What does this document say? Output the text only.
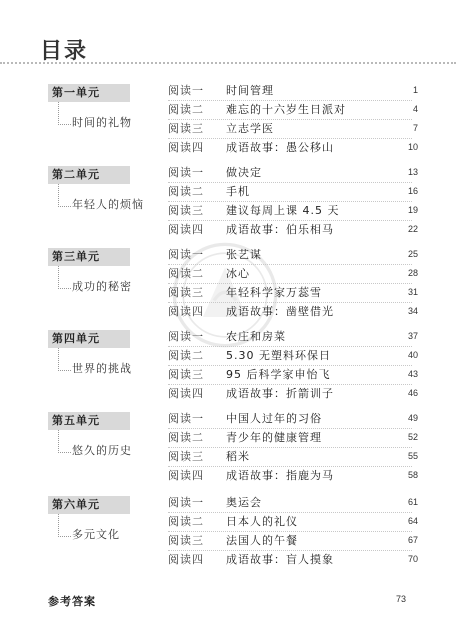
目录
第一单元
时间的礼物
阅读一 时间管理	1
阅读二 难忘的十六岁生日派对	4
阅读三 立志学医	7
阅读四 成语故事：愚公移山	10
第二单元
年轻人的烦恼
阅读一 做决定	13
阅读二 手机	16
阅读三 建议每周上课 4.5 天	19
阅读四 成语故事：伯乐相马	22
第三单元
成功的秘密
阅读一 张艺谋	25
阅读二 冰心	28
阅读三 年轻科学家万蕊雪	31
阅读四 成语故事：凿壁借光	34
第四单元
世界的挑战
阅读一 农庄和房菜	37
阅读二 5.30 无塑料环保日	40
阅读三 95 后科学家申怡飞	43
阅读四 成语故事：折箭训子	46
第五单元
悠久的历史
阅读一 中国人过年的习俗	49
阅读二 青少年的健康管理	52
阅读三 稻米	55
阅读四 成语故事：指鹿为马	58
第六单元
多元文化
阅读一 奥运会	61
阅读二 日本人的礼仪	64
阅读三 法国人的午餐	67
阅读四 成语故事：盲人摸象	70
参考答案	73
